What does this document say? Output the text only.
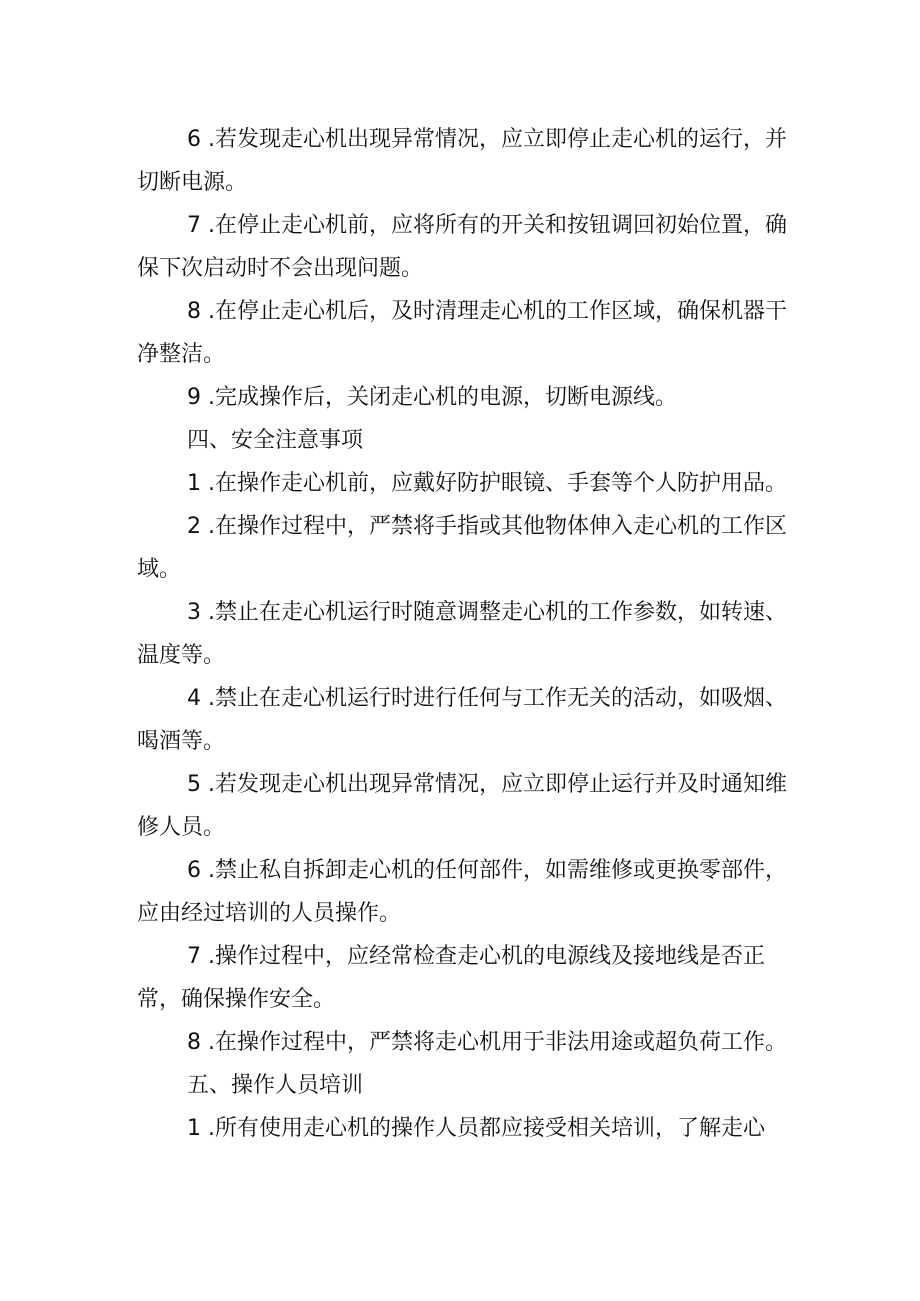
6 .若发现走心机出现异常情况，应立即停止走心机的运行，并切断电源。

7 .在停止走心机前，应将所有的开关和按钮调回初始位置，确保下次启动时不会出现问题。

8 .在停止走心机后，及时清理走心机的工作区域，确保机器干净整洁。

9 .完成操作后，关闭走心机的电源，切断电源线。

四、安全注意事项

1 .在操作走心机前，应戴好防护眼镜、手套等个人防护用品。

2 .在操作过程中，严禁将手指或其他物体伸入走心机的工作区域。

3 .禁止在走心机运行时随意调整走心机的工作参数，如转速、温度等。

4 .禁止在走心机运行时进行任何与工作无关的活动，如吸烟、喝酒等。

5 .若发现走心机出现异常情况，应立即停止运行并及时通知维修人员。

6 .禁止私自拆卸走心机的任何部件，如需维修或更换零部件，应由经过培训的人员操作。

7 .操作过程中，应经常检查走心机的电源线及接地线是否正常，确保操作安全。

8 .在操作过程中，严禁将走心机用于非法用途或超负荷工作。

五、操作人员培训

1 .所有使用走心机的操作人员都应接受相关培训，了解走心
